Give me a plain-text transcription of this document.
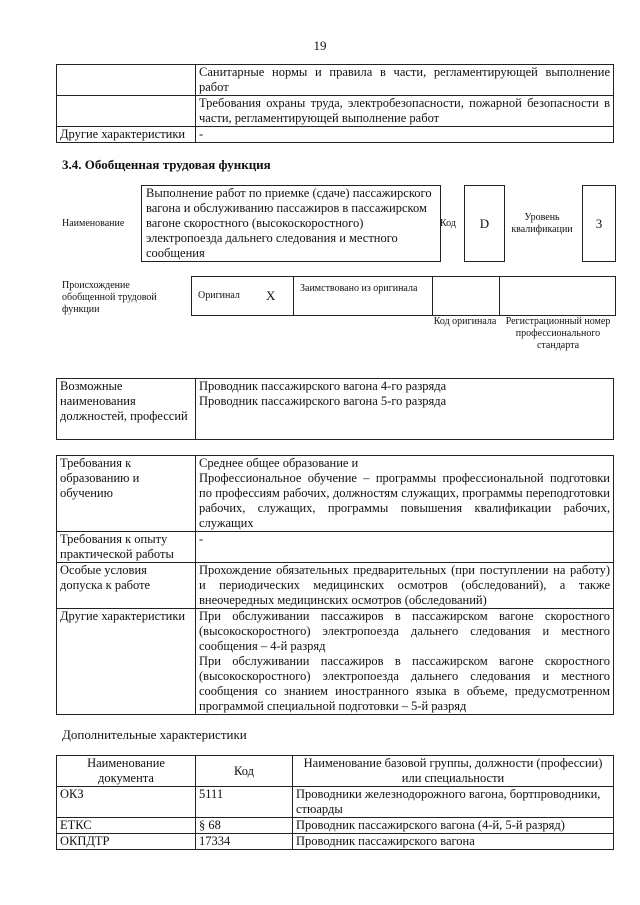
19
	Санитарные нормы и правила в части, регламентирующей выполнение работ
	Требования охраны труда, электробезопасности, пожарной безопасности в части, регламентирующей выполнение работ
Другие характеристики	-
3.4. Обобщенная трудовая функция
Наименование
Выполнение работ по приемке (сдаче) пассажирского вагона и обслуживанию пассажиров в пассажирском вагоне скоростного (высокоскоростного) электропоезда дальнего следования и местного сообщения
Код	D	Уровень квалификации	3
Происхождение обобщенной трудовой функции
Оригинал X Заимствовано из оригинала
Код оригинала Регистрационный номер профессионального стандарта
Возможные наименования должностей, профессий	Проводник пассажирского вагона 4-го разряда
Проводник пассажирского вагона 5-го разряда
Требования к образованию и обучению	Среднее общее образование и
Профессиональное обучение – программы профессиональной подготовки по профессиям рабочих, должностям служащих, программы переподготовки рабочих, служащих, программы повышения квалификации рабочих, служащих
Требования к опыту практической работы	-
Особые условия допуска к работе	Прохождение обязательных предварительных (при поступлении на работу) и периодических медицинских осмотров (обследований), а также внеочередных медицинских осмотров (обследований)
Другие характеристики	При обслуживании пассажиров в пассажирском вагоне скоростного (высокоскоростного) электропоезда дальнего следования и местного сообщения – 4-й разряд
При обслуживании пассажиров в пассажирском вагоне скоростного (высокоскоростного) электропоезда дальнего следования и местного сообщения со знанием иностранного языка в объеме, предусмотренном программой специальной подготовки – 5-й разряд
Дополнительные характеристики
Наименование документа	Код	Наименование базовой группы, должности (профессии) или специальности
ОКЗ	5111	Проводники железнодорожного вагона, бортпроводники, стюарды
ЕТКС	§ 68	Проводник пассажирского вагона (4-й, 5-й разряд)
ОКПДТР	17334	Проводник пассажирского вагона
